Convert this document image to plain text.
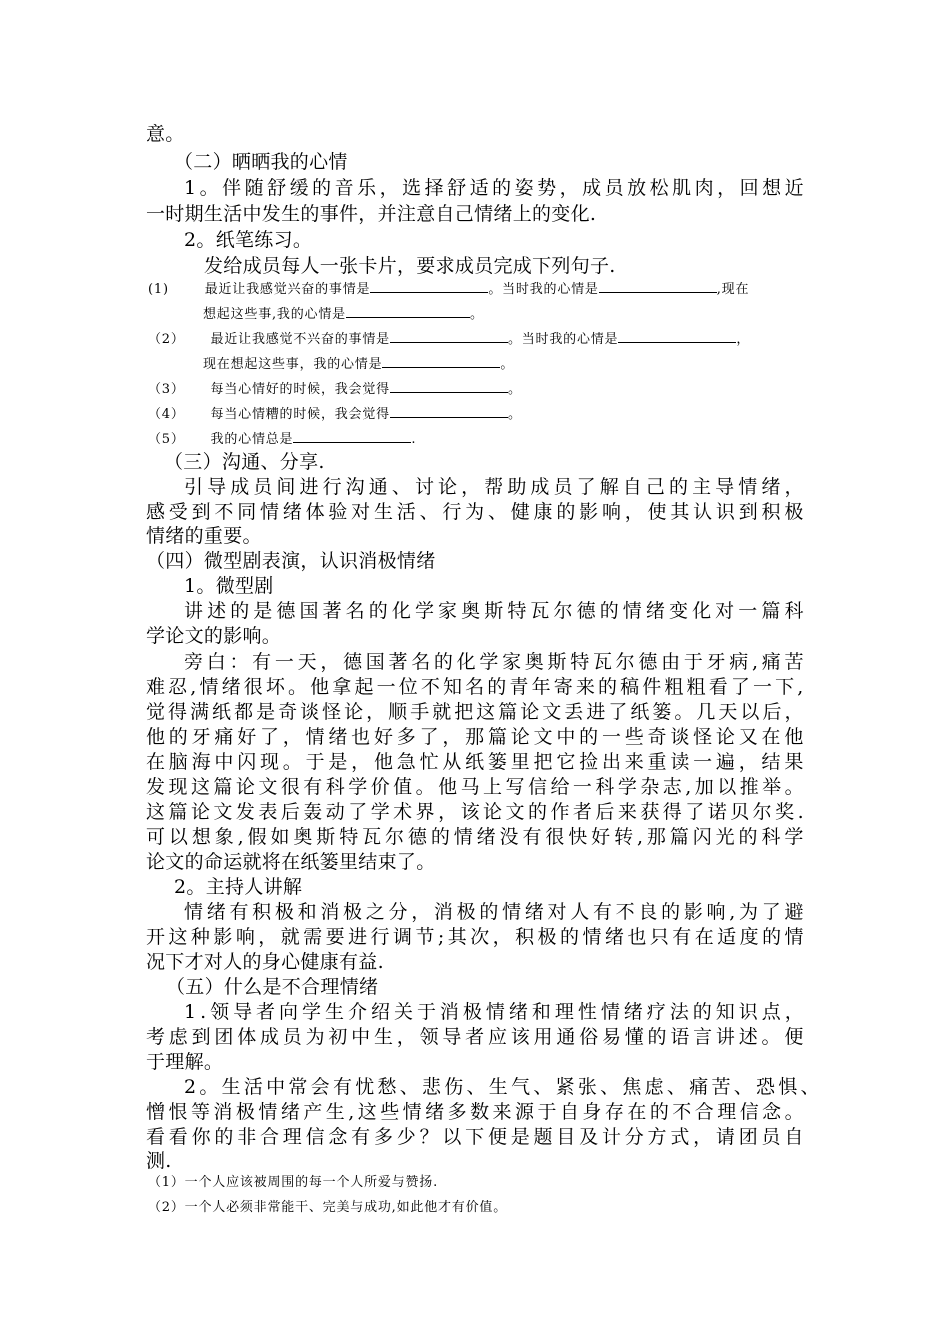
意。
（二）晒晒我的心情
1 。 伴 随 舒 缓 的 音 乐 ， 选 择 舒 适 的 姿 势 ， 成 员 放 松 肌 肉 ， 回 想 近
一时期生活中发生的事件，并注意自己情绪上的变化.
2。纸笔练习。
发给成员每人一张卡片，要求成员完成下列句子.
(1)	最近让我感觉兴奋的事情是	。当时我的心情是	,现在
想起这些事,我的心情是	。
（2） 最近让我感觉不兴奋的事情是	。当时我的心情是	，
现在想起这些事，我的心情是	。
（3） 每当心情好的时候，我会觉得	。
（4） 每当心情糟的时候，我会觉得	。
（5） 我的心情总是	.
（三）沟通、分享.
引 导 成 员 间 进 行 沟 通 、 讨 论 ， 帮 助 成 员 了 解 自 己 的 主 导 情 绪 ，
感 受 到 不 同 情 绪 体 验 对 生 活 、 行 为 、 健 康 的 影 响 ， 使 其 认 识 到 积 极
情绪的重要。
（四）微型剧表演，认识消极情绪
1。微型剧
讲 述 的 是 德 国 著 名 的 化 学 家 奥 斯 特 瓦 尔 德 的 情 绪 变 化 对 一 篇 科
学论文的影响。
旁 白 ： 有 一 天 ， 德 国 著 名 的 化 学 家 奥 斯 特 瓦 尔 德 由 于 牙 病 , 痛 苦
难 忍 , 情 绪 很 坏 。 他 拿 起 一 位 不 知 名 的 青 年 寄 来 的 稿 件 粗 粗 看 了 一 下 ,
觉 得 满 纸 都 是 奇 谈 怪 论 ， 顺 手 就 把 这 篇 论 文 丢 进 了 纸 篓 。 几 天 以 后 ，
他 的 牙 痛 好 了 ， 情 绪 也 好 多 了 ， 那 篇 论 文 中 的 一 些 奇 谈 怪 论 又 在 他
在 脑 海 中 闪 现 。 于 是 ， 他 急 忙 从 纸 篓 里 把 它 捡 出 来 重 读 一 遍 ， 结 果
发 现 这 篇 论 文 很 有 科 学 价 值 。 他 马 上 写 信 给 一 科 学 杂 志 , 加 以 推 举 。
这 篇 论 文 发 表 后 轰 动 了 学 术 界 ， 该 论 文 的 作 者 后 来 获 得 了 诺 贝 尔 奖 .
可 以 想 象 , 假 如 奥 斯 特 瓦 尔 德 的 情 绪 没 有 很 快 好 转 , 那 篇 闪 光 的 科 学
论文的命运就将在纸篓里结束了。
2。主持人讲解
情 绪 有 积 极 和 消 极 之 分 ， 消 极 的 情 绪 对 人 有 不 良 的 影 响 , 为 了 避
开 这 种 影 响 ， 就 需 要 进 行 调 节 ; 其 次 ， 积 极 的 情 绪 也 只 有 在 适 度 的 情
况下才对人的身心健康有益.
（五）什么是不合理情绪
1 . 领 导 者 向 学 生 介 绍 关 于 消 极 情 绪 和 理 性 情 绪 疗 法 的 知 识 点 ，
考 虑 到 团 体 成 员 为 初 中 生 ， 领 导 者 应 该 用 通 俗 易 懂 的 语 言 讲 述 。 便
于理解。
2 。 生 活 中 常 会 有 忧 愁 、 悲 伤 、 生 气 、 紧 张 、 焦 虑 、 痛 苦 、 恐 惧 、
憎 恨 等 消 极 情 绪 产 生 , 这 些 情 绪 多 数 来 源 于 自 身 存 在 的 不 合 理 信 念 。
看 看 你 的 非 合 理 信 念 有 多 少 ？ 以 下 便 是 题 目 及 计 分 方 式 ， 请 团 员 自
测.
（1）一个人应该被周围的每一个人所爱与赞扬.
（2）一个人必须非常能干、完美与成功,如此他才有价值。
